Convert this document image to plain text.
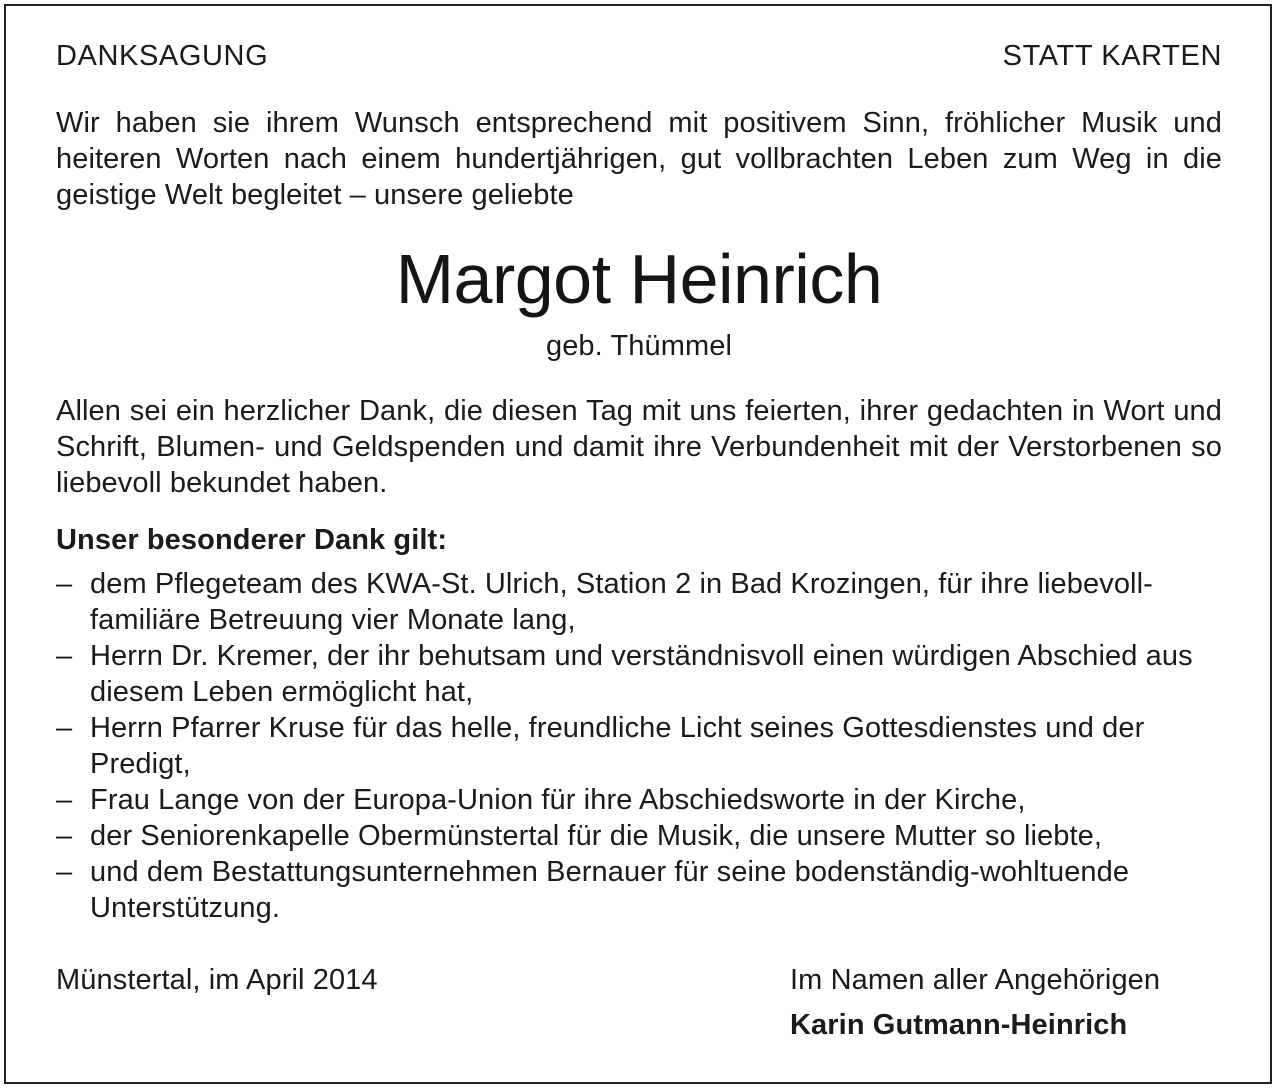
DANKSAGUNG	STATT KARTEN

Wir haben sie ihrem Wunsch entsprechend mit positivem Sinn, fröhlicher Musik und heiteren Worten nach einem hundertjährigen, gut vollbrachten Leben zum Weg in die geistige Welt begleitet – unsere geliebte

Margot Heinrich
geb. Thümmel

Allen sei ein herzlicher Dank, die diesen Tag mit uns feierten, ihrer gedachten in Wort und Schrift, Blumen- und Geldspenden und damit ihre Verbundenheit mit der Verstorbenen so liebevoll bekundet haben.

Unser besonderer Dank gilt:
– dem Pflegeteam des KWA-St. Ulrich, Station 2 in Bad Krozingen, für ihre liebevoll-familiäre Betreuung vier Monate lang,
– Herrn Dr. Kremer, der ihr behutsam und verständnisvoll einen würdigen Abschied aus diesem Leben ermöglicht hat,
– Herrn Pfarrer Kruse für das helle, freundliche Licht seines Gottesdienstes und der Predigt,
– Frau Lange von der Europa-Union für ihre Abschiedsworte in der Kirche,
– der Seniorenkapelle Obermünstertal für die Musik, die unsere Mutter so liebte,
– und dem Bestattungsunternehmen Bernauer für seine bodenständig-wohltuende Unterstützung.
Münstertal, im April 2014	Im Namen aller Angehörigen
Karin Gutmann-Heinrich
